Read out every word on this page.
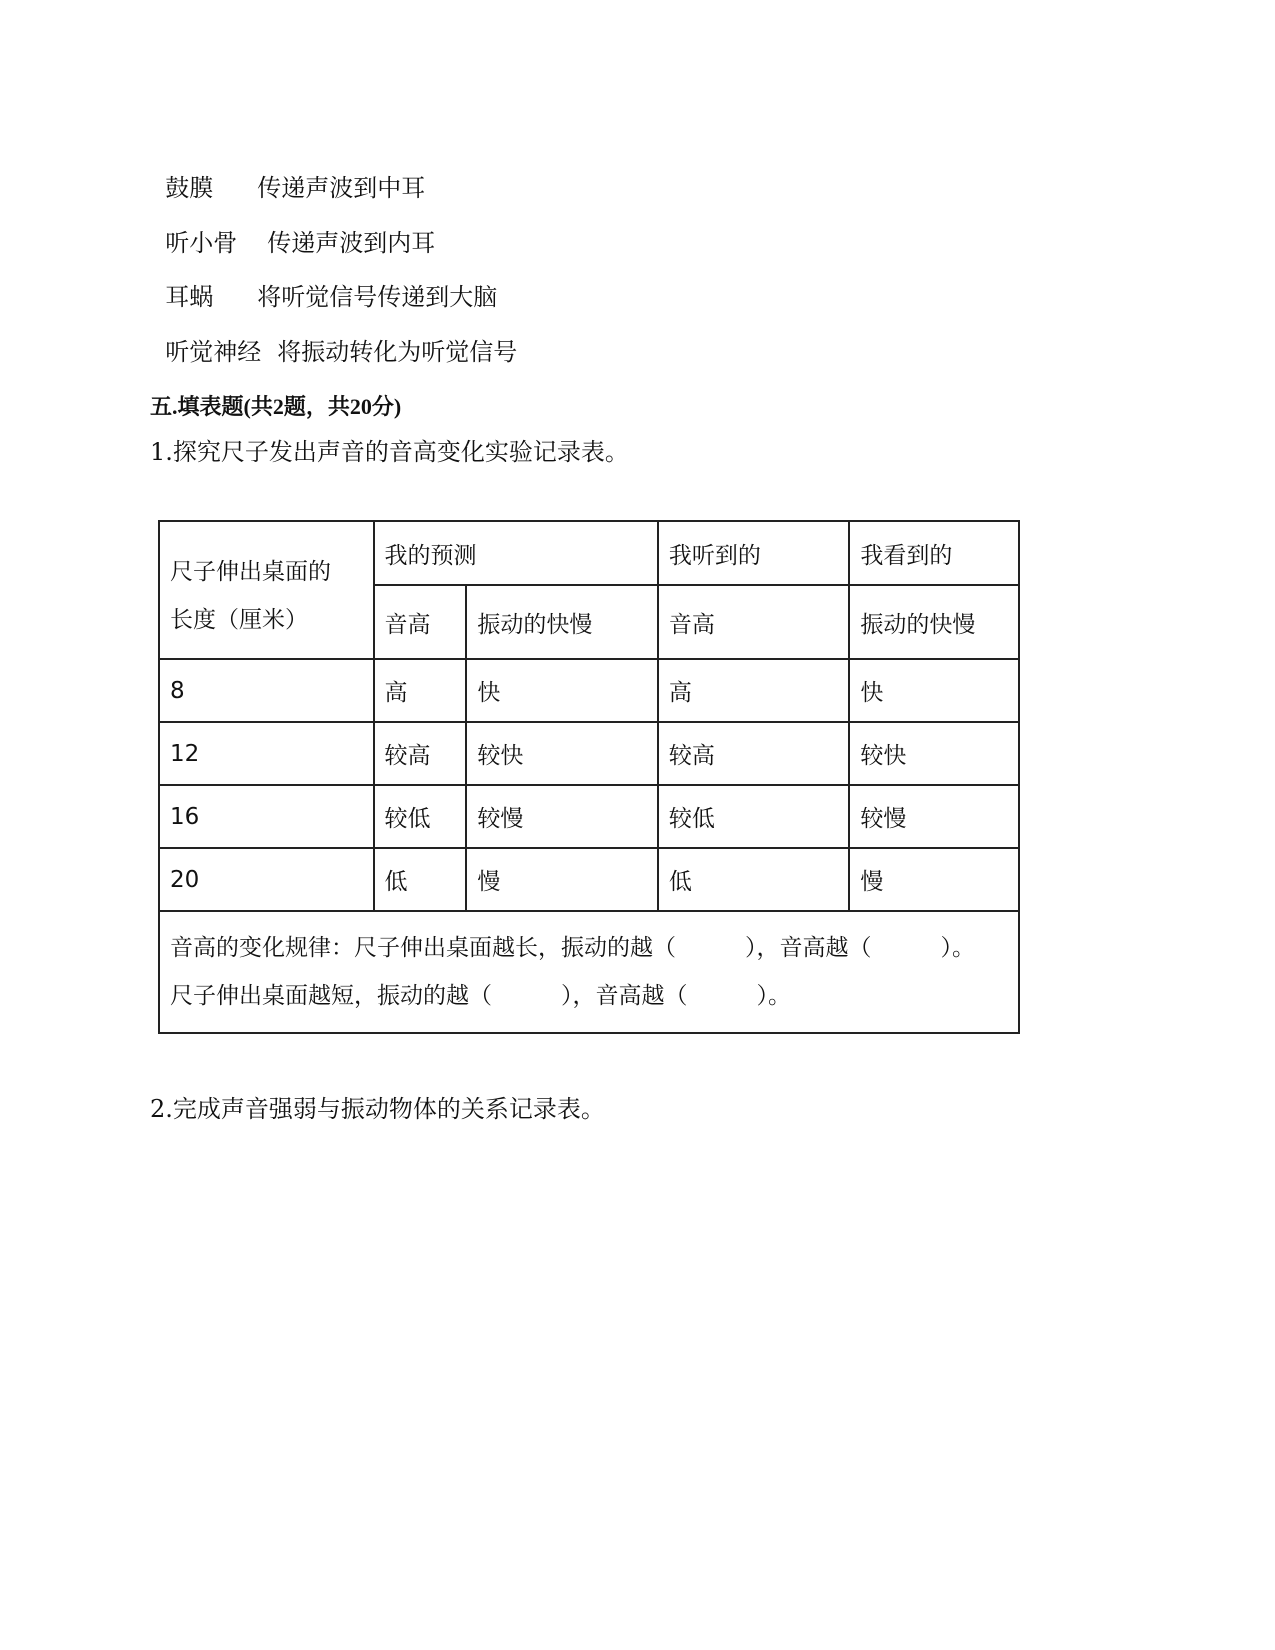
鼓膜 传递声波到中耳

听小骨 传递声波到内耳

耳蜗 将听觉信号传递到大脑

听觉神经 将振动转化为听觉信号

五.填表题(共2题，共20分)
1.探究尺子发出声音的音高变化实验记录表。
尺子伸出桌面的
长度（厘米）	我的预测		我听到的	我看到的
	音高	振动的快慢	音高	振动的快慢
8	高	快	高	快
12	较高	较快	较高	较快
16	较低	较慢	较低	较慢
20	低	慢	低	慢
音高的变化规律：尺子伸出桌面越长，振动的越（　　　），音高越（　　　）。
尺子伸出桌面越短，振动的越（　　　），音高越（　　　）。				
2.完成声音强弱与振动物体的关系记录表。
